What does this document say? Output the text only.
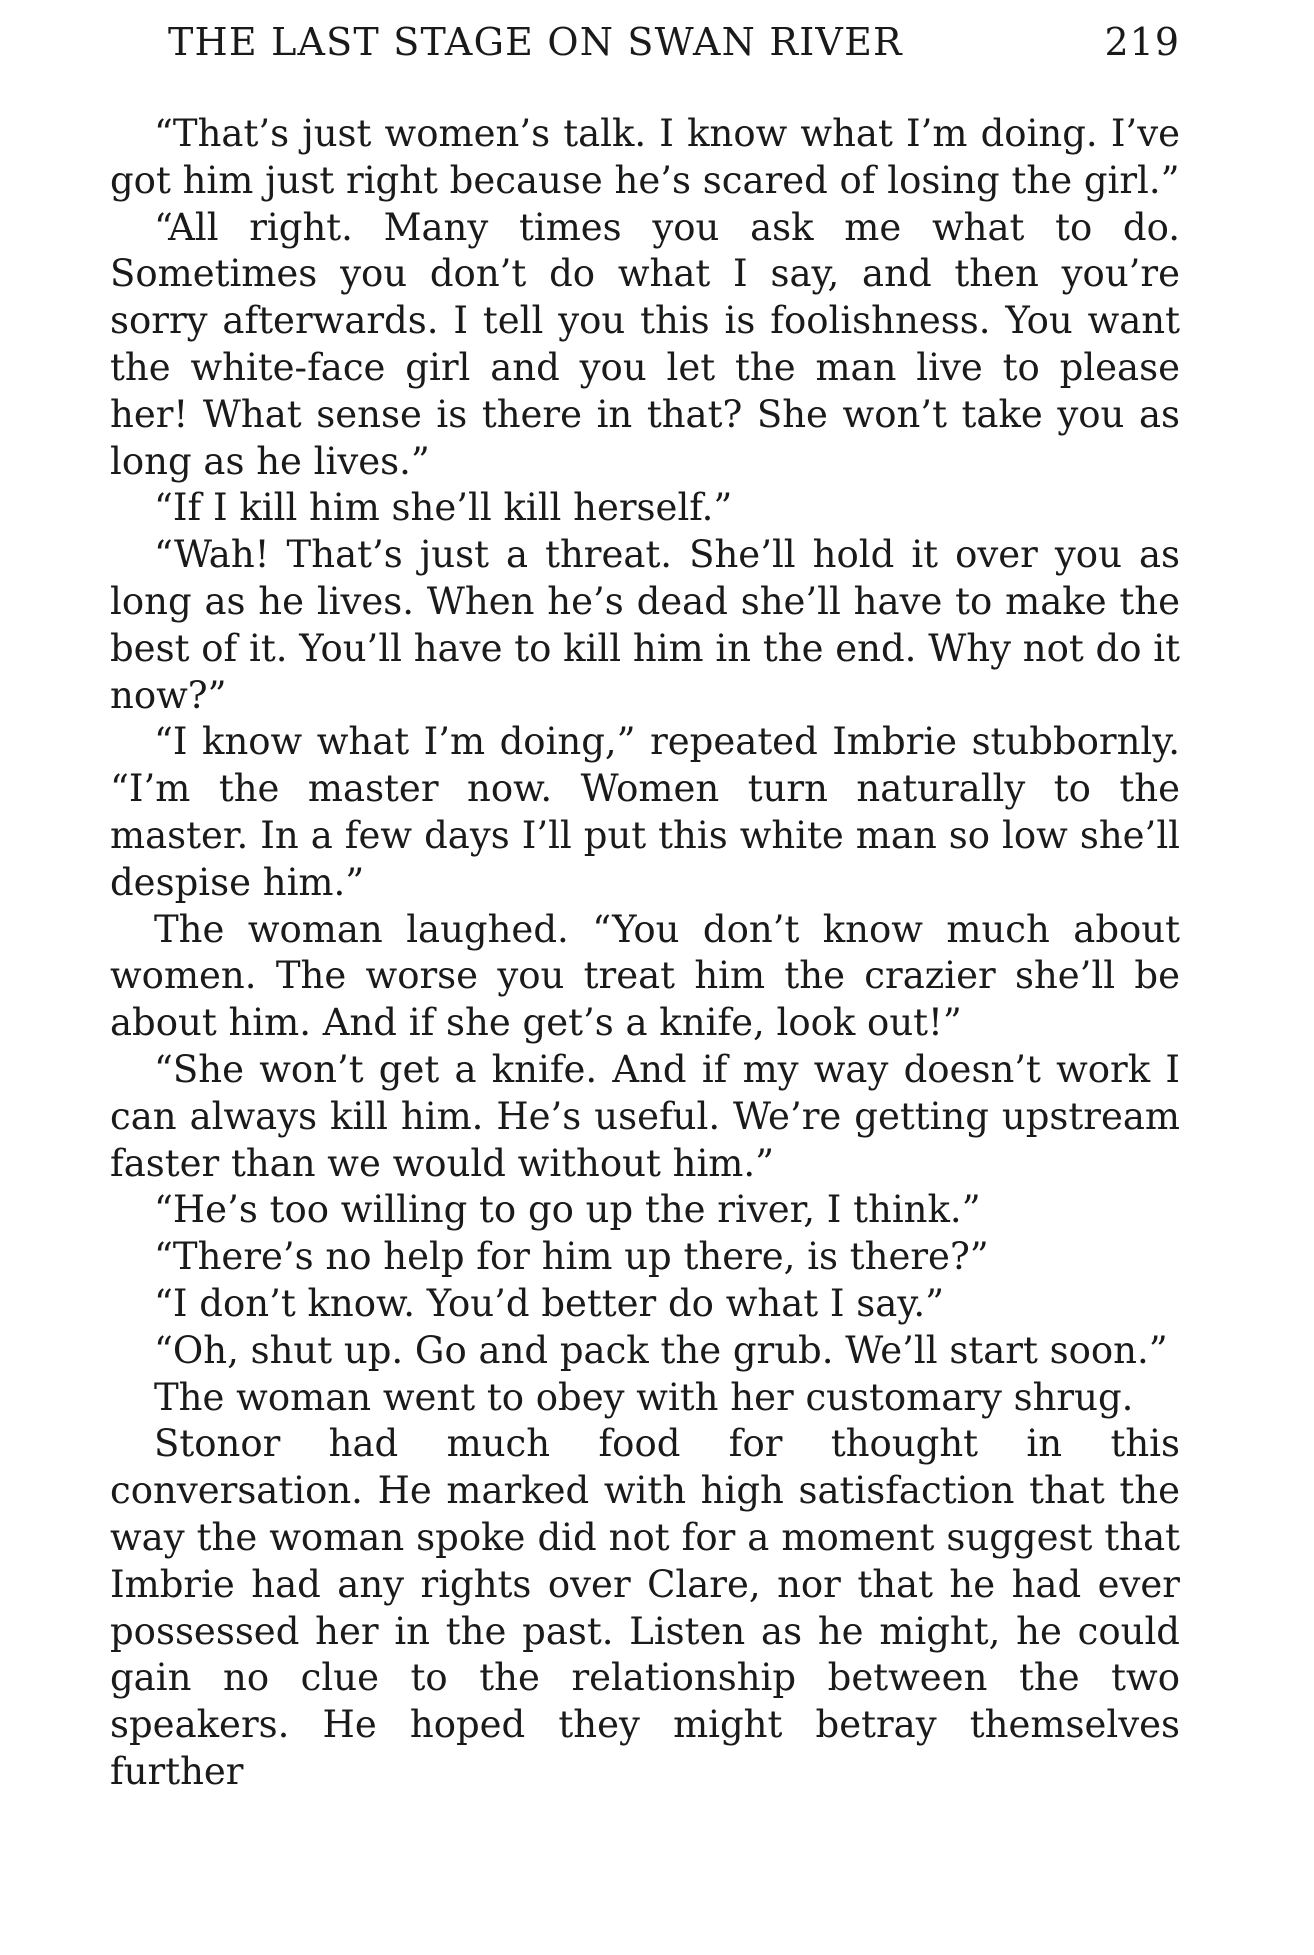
THE LAST STAGE ON SWAN RIVER	219

“That’s just women’s talk. I know what I’m doing. I’ve got him just right because he’s scared of losing the girl.”

“All right. Many times you ask me what to do. Sometimes you don’t do what I say, and then you’re sorry afterwards. I tell you this is foolishness. You want the white-face girl and you let the man live to please her! What sense is there in that? She won’t take you as long as he lives.”

“If I kill him she’ll kill herself.”

“Wah! That’s just a threat. She’ll hold it over you as long as he lives. When he’s dead she’ll have to make the best of it. You’ll have to kill him in the end. Why not do it now?”

“I know what I’m doing,” repeated Imbrie stubbornly. “I’m the master now. Women turn naturally to the master. In a few days I’ll put this white man so low she’ll despise him.”

The woman laughed. “You don’t know much about women. The worse you treat him the crazier she’ll be about him. And if she get’s a knife, look out!”

“She won’t get a knife. And if my way doesn’t work I can always kill him. He’s useful. We’re getting upstream faster than we would without him.”

“He’s too willing to go up the river, I think.”

“There’s no help for him up there, is there?”

“I don’t know. You’d better do what I say.”

“Oh, shut up. Go and pack the grub. We’ll start soon.”

The woman went to obey with her customary shrug.

Stonor had much food for thought in this conversation. He marked with high satisfaction that the way the woman spoke did not for a moment suggest that Imbrie had any rights over Clare, nor that he had ever possessed her in the past. Listen as he might, he could gain no clue to the relationship between the two speakers. He hoped they might betray themselves further
